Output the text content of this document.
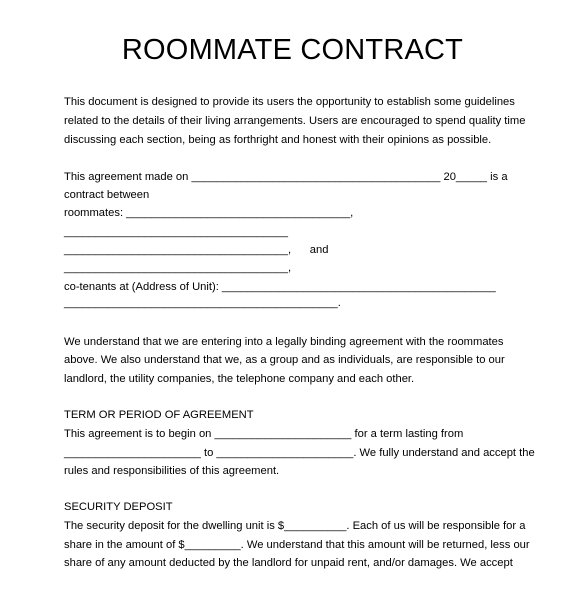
ROOMMATE CONTRACT

This document is designed to provide its users the opportunity to establish some guidelines

related to the details of their living arrangements. Users are encouraged to spend quality time

discussing each section, being as forthright and honest with their opinions as possible.

This agreement made on ________________________________________ 20_____ is a

contract between

roommates: ____________________________________,

____________________________________

____________________________________,      and

____________________________________,

co-tenants at (Address of Unit): ____________________________________________

____________________________________________.

We understand that we are entering into a legally binding agreement with the roommates

above. We also understand that we, as a group and as individuals, are responsible to our

landlord, the utility companies, the telephone company and each other.

TERM OR PERIOD OF AGREEMENT

This agreement is to begin on ______________________ for a term lasting from

______________________ to ______________________. We fully understand and accept the

rules and responsibilities of this agreement.

SECURITY DEPOSIT

The security deposit for the dwelling unit is $__________. Each of us will be responsible for a

share in the amount of $_________. We understand that this amount will be returned, less our

share of any amount deducted by the landlord for unpaid rent, and/or damages. We accept
